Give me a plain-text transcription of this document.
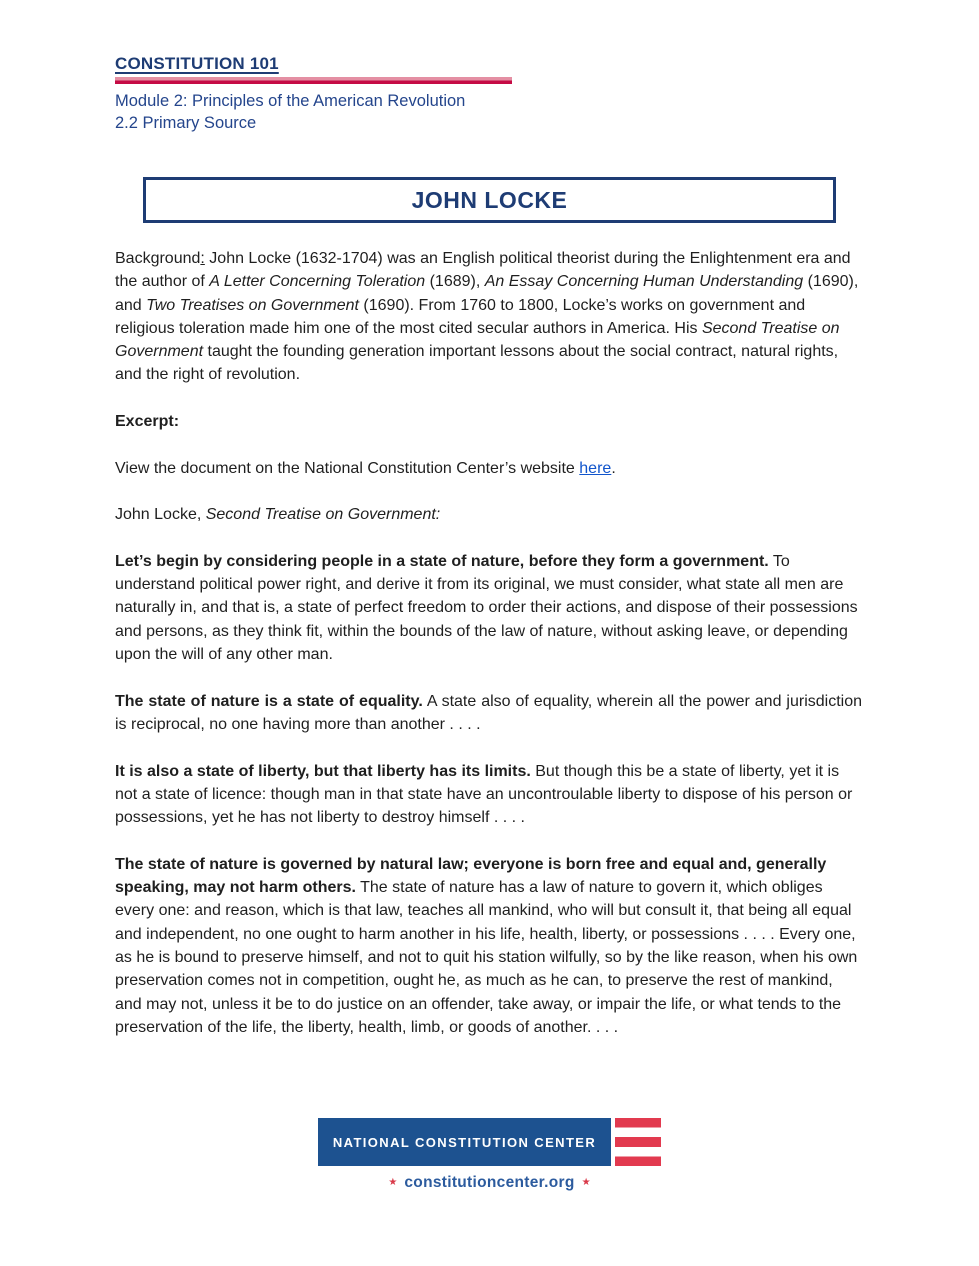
CONSTITUTION 101
Module 2: Principles of the American Revolution
2.2 Primary Source
JOHN LOCKE

Background: John Locke (1632-1704) was an English political theorist during the Enlightenment era and the author of A Letter Concerning Toleration (1689), An Essay Concerning Human Understanding (1690), and Two Treatises on Government (1690). From 1760 to 1800, Locke’s works on government and religious toleration made him one of the most cited secular authors in America. His Second Treatise on Government taught the founding generation important lessons about the social contract, natural rights, and the right of revolution.

Excerpt:

View the document on the National Constitution Center’s website here.

John Locke, Second Treatise on Government:

Let’s begin by considering people in a state of nature, before they form a government. To understand political power right, and derive it from its original, we must consider, what state all men are naturally in, and that is, a state of perfect freedom to order their actions, and dispose of their possessions and persons, as they think fit, within the bounds of the law of nature, without asking leave, or depending upon the will of any other man.

The state of nature is a state of equality. A state also of equality, wherein all the power and jurisdiction is reciprocal, no one having more than another . . . .

It is also a state of liberty, but that liberty has its limits. But though this be a state of liberty, yet it is not a state of licence: though man in that state have an uncontroulable liberty to dispose of his person or possessions, yet he has not liberty to destroy himself . . . .

The state of nature is governed by natural law; everyone is born free and equal and, generally speaking, may not harm others. The state of nature has a law of nature to govern it, which obliges every one: and reason, which is that law, teaches all mankind, who will but consult it, that being all equal and independent, no one ought to harm another in his life, health, liberty, or possessions . . . . Every one, as he is bound to preserve himself, and not to quit his station wilfully, so by the like reason, when his own preservation comes not in competition, ought he, as much as he can, to preserve the rest of mankind, and may not, unless it be to do justice on an offender, take away, or impair the life, or what tends to the preservation of the life, the liberty, health, limb, or goods of another. . . .

NATIONAL CONSTITUTION CENTER
★ constitutioncenter.org ★
